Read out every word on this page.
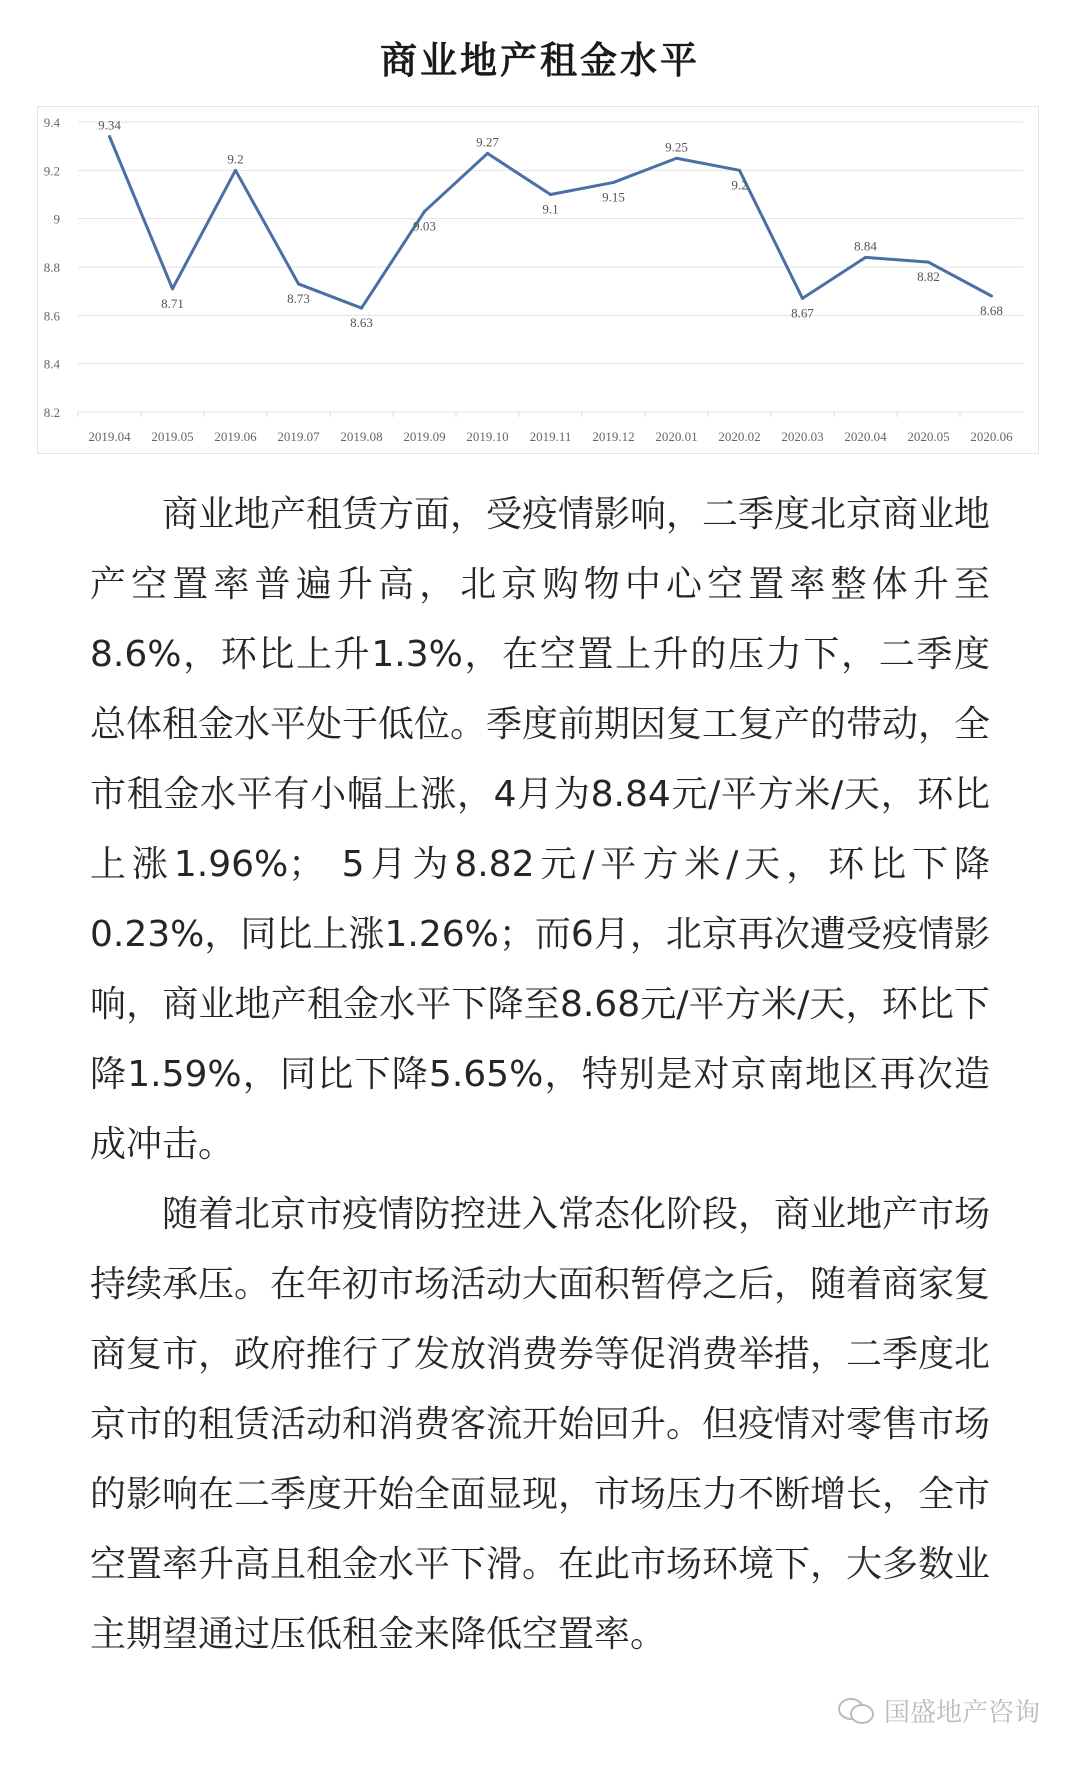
商业地产租金水平
8.2
8.4
8.6
8.8
9
9.2
9.4
2019.04 2019.05 2019.06 2019.07 2019.08 2019.09 2019.10 2019.11 2019.12 2020.01 2020.02 2020.03 2020.04 2020.05 2020.06
9.34
8.71
9.2
8.73
8.63
9.03
9.27
9.1
9.15
9.25
9.2
8.67
8.84
8.82
8.68

商业地产租赁方面，受疫情影响，二季度北京商业地产空置率普遍升高，北京购物中心空置率整体升至8.6%，环比上升1.3%，在空置上升的压力下，二季度总体租金水平处于低位。季度前期因复工复产的带动，全市租金水平有小幅上涨，4月为8.84元/平方米/天，环比上涨1.96%； 5月为8.82元/平方米/天，环比下降0.23%，同比上涨1.26%；而6月，北京再次遭受疫情影响，商业地产租金水平下降至8.68元/平方米/天，环比下降1.59%，同比下降5.65%，特别是对京南地区再次造成冲击。

随着北京市疫情防控进入常态化阶段，商业地产市场持续承压。在年初市场活动大面积暂停之后，随着商家复商复市，政府推行了发放消费券等促消费举措，二季度北京市的租赁活动和消费客流开始回升。但疫情对零售市场的影响在二季度开始全面显现，市场压力不断增长，全市空置率升高且租金水平下滑。在此市场环境下，大多数业主期望通过压低租金来降低空置率。

国盛地产咨询
